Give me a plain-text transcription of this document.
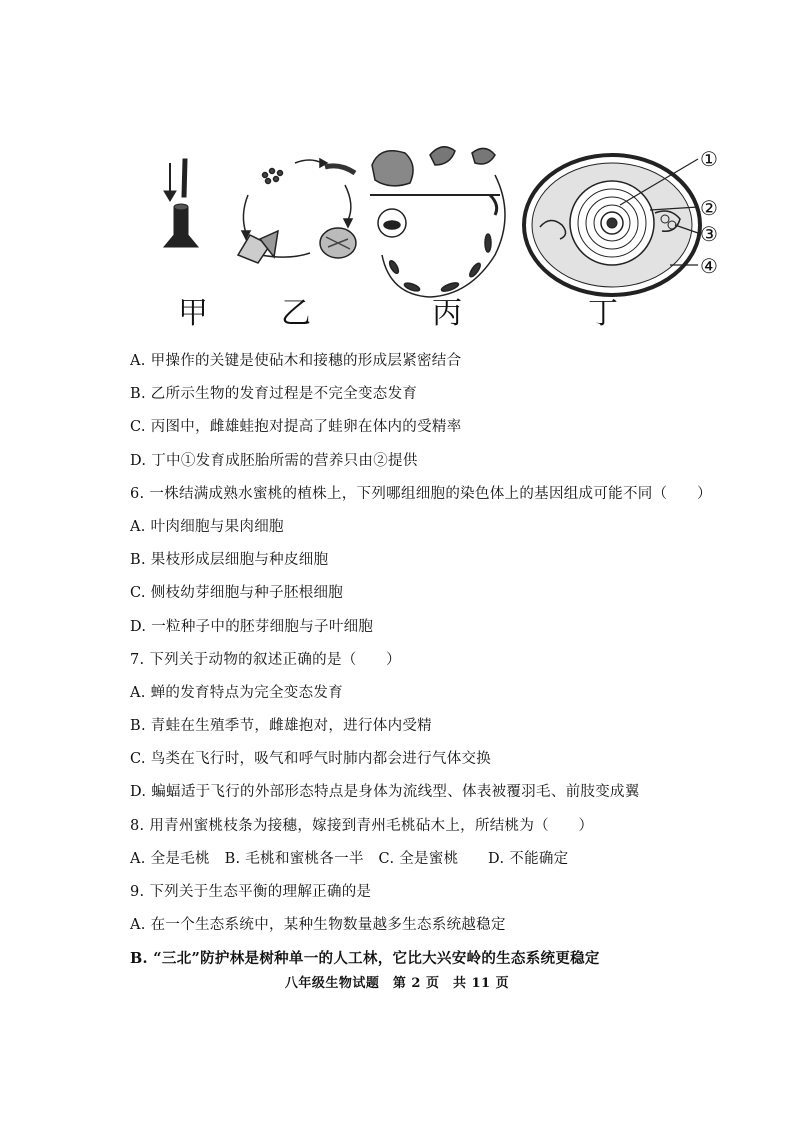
①
②
③
④
甲 乙	丙	丁
A. 甲操作的关键是使砧木和接穗的形成层紧密结合
B. 乙所示生物的发育过程是不完全变态发育
C. 丙图中，雌雄蛙抱对提高了蛙卵在体内的受精率
D. 丁中①发育成胚胎所需的营养只由②提供
6. 一株结满成熟水蜜桃的植株上，下列哪组细胞的染色体上的基因组成可能不同（　　）
A. 叶肉细胞与果肉细胞
B. 果枝形成层细胞与种皮细胞
C. 侧枝幼芽细胞与种子胚根细胞
D. 一粒种子中的胚芽细胞与子叶细胞
7. 下列关于动物的叙述正确的是（　　）
A. 蝉的发育特点为完全变态发育
B. 青蛙在生殖季节，雌雄抱对，进行体内受精
C. 鸟类在飞行时，吸气和呼气时肺内都会进行气体交换
D. 蝙蝠适于飞行的外部形态特点是身体为流线型、体表被覆羽毛、前肢变成翼
8. 用青州蜜桃枝条为接穗，嫁接到青州毛桃砧木上，所结桃为（　　）
A. 全是毛桃　B. 毛桃和蜜桃各一半　C. 全是蜜桃　　D. 不能确定
9. 下列关于生态平衡的理解正确的是
A. 在一个生态系统中，某种生物数量越多生态系统越稳定
B. “三北”防护林是树种单一的人工林，它比大兴安岭的生态系统更稳定
八年级生物试题　第 2 页　共 11 页
